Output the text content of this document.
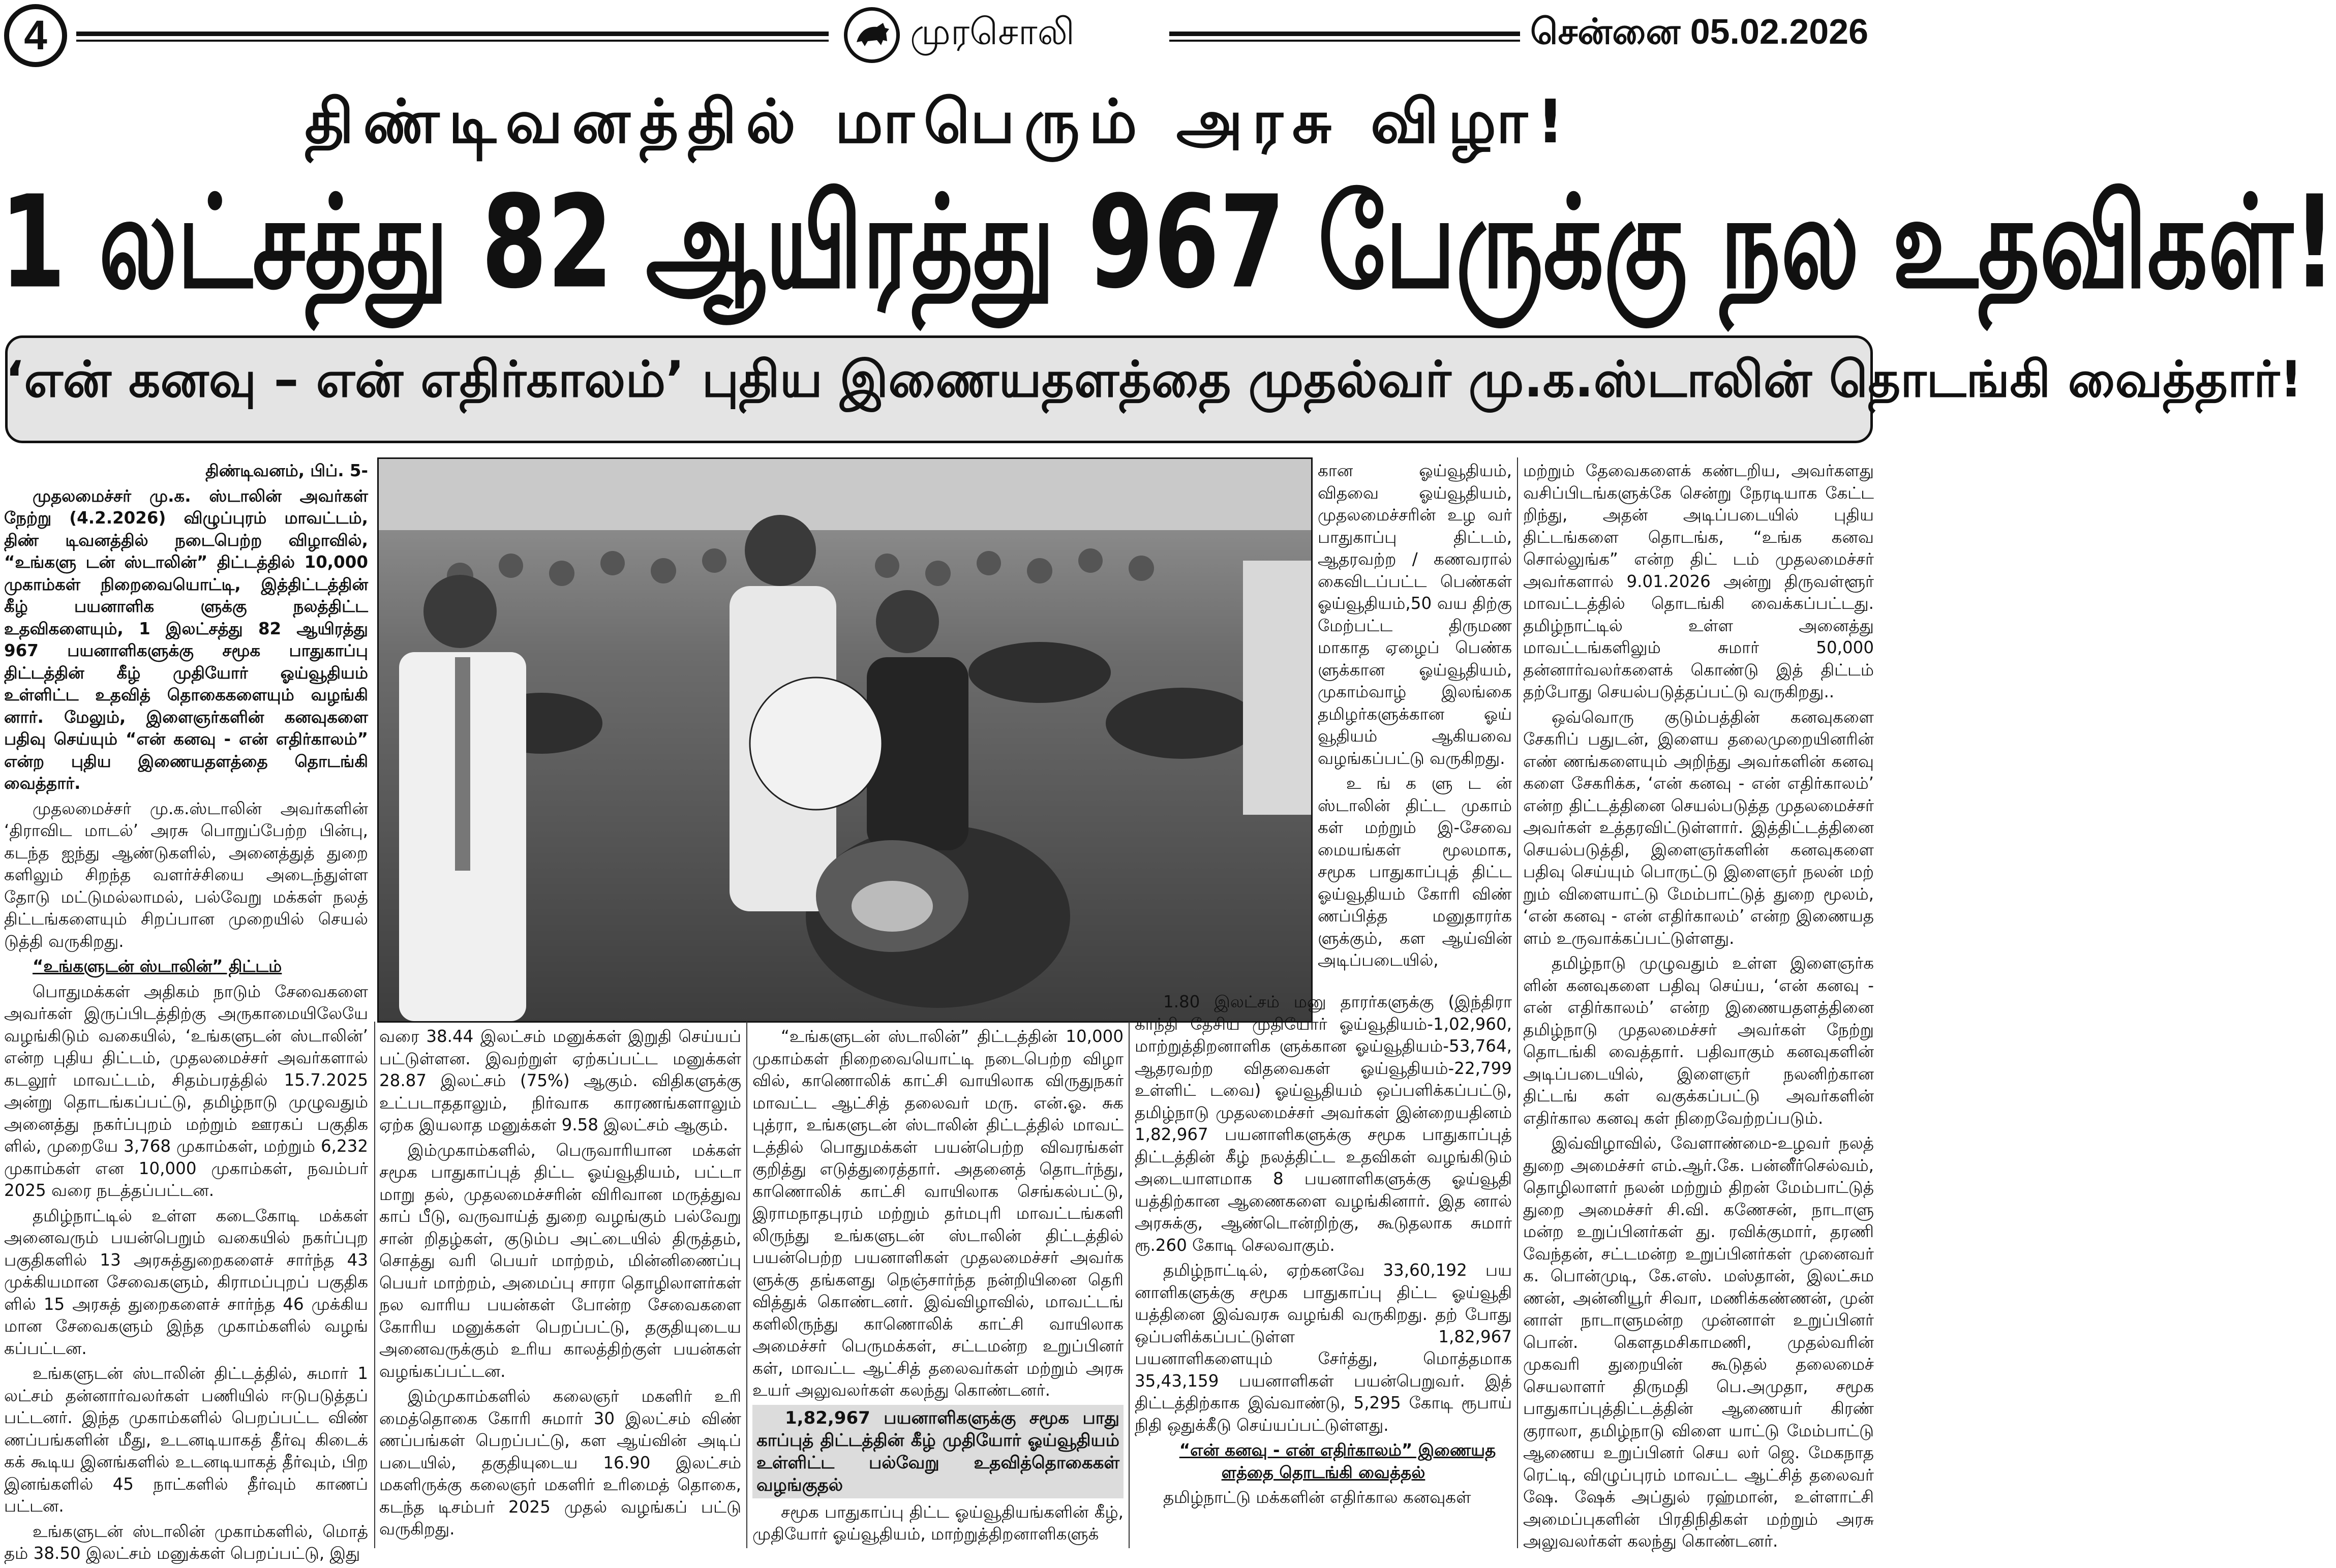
4	முரசொலி	சென்னை 05.02.2026
திண்டிவனத்தில் மாபெரும் அரசு விழா!
1 லட்சத்து 82 ஆயிரத்து 967 பேருக்கு நல உதவிகள்!
‘என் கனவு – என் எதிர்காலம்’ புதிய இணையதளத்தை முதல்வர் மு.க.ஸ்டாலின் தொடங்கி வைத்தார்!

திண்டிவனம், பிப். 5-

முதலமைச்சர் மு.க. ஸ்டாலின் அவர்கள் நேற்று (4.2.2026) விழுப்புரம் மாவட்டம், திண் டிவனத்தில் நடைபெற்ற விழாவில், “உங்களு டன் ஸ்டாலின்” திட்டத்தில் 10,000 முகாம்கள் நிறைவையொட்டி, இத்திட்டத்தின் கீழ் பயனாளிக ளுக்கு நலத்திட்ட உதவிகளையும், 1 இலட்சத்து 82 ஆயிரத்து 967 பயனாளிகளுக்கு சமூக பாதுகாப்பு திட்டத்தின் கீழ் முதியோர் ஓய்வூதியம் உள்ளிட்ட உதவித் தொகைகளையும் வழங்கி னார். மேலும், இளைஞர்களின் கனவுகளை பதிவு செய்யும் “என் கனவு - என் எதிர்காலம்” என்ற புதிய இணையதளத்தை தொடங்கி வைத்தார்.

முதலமைச்சர் மு.க.ஸ்டாலின் அவர்களின் ‘திராவிட மாடல்’ அரசு பொறுப்பேற்ற பின்பு, கடந்த ஐந்து ஆண்டுகளில், அனைத்துத் துறை களிலும் சிறந்த வளர்ச்சியை அடைந்துள்ள தோடு மட்டுமல்லாமல், பல்வேறு மக்கள் நலத் திட்டங்களையும் சிறப்பான முறையில் செயல் டுத்தி வருகிறது.

“உங்களுடன் ஸ்டாலின்” திட்டம்

பொதுமக்கள் அதிகம் நாடும் சேவைகளை அவர்கள் இருப்பிடத்திற்கு அருகாமையிலேயே வழங்கிடும் வகையில், ‘உங்களுடன் ஸ்டாலின்’ என்ற புதிய திட்டம், முதலமைச்சர் அவர்களால் கடலூர் மாவட்டம், சிதம்பரத்தில் 15.7.2025 அன்று தொடங்கப்பட்டு, தமிழ்நாடு முழுவதும் அனைத்து நகர்ப்புறம் மற்றும் ஊரகப் பகுதிக ளில், முறையே 3,768 முகாம்கள், மற்றும் 6,232 முகாம்கள் என 10,000 முகாம்கள், நவம்பர் 2025 வரை நடத்தப்பட்டன.

தமிழ்நாட்டில் உள்ள கடைகோடி மக்கள் அனைவரும் பயன்பெறும் வகையில் நகர்ப்புற பகுதிகளில் 13 அரசுத்துறைகளைச் சார்ந்த 43 முக்கியமான சேவைகளும், கிராமப்புறப் பகுதிக ளில் 15 அரசுத் துறைகளைச் சார்ந்த 46 முக்கிய மான சேவைகளும் இந்த முகாம்களில் வழங் கப்பட்டன.

உங்களுடன் ஸ்டாலின் திட்டத்தில், சுமார் 1 லட்சம் தன்னார்வலர்கள் பணியில் ஈடுபடுத்தப் பட்டனர். இந்த முகாம்களில் பெறப்பட்ட விண் ணப்பங்களின் மீது, உடனடியாகத் தீர்வு கிடைக் கக் கூடிய இனங்களில் உடனடியாகத் தீர்வும், பிற இனங்களில் 45 நாட்களில் தீர்வும் காணப் பட்டன.

உங்களுடன் ஸ்டாலின் முகாம்களில், மொத் தம் 38.50 இலட்சம் மனுக்கள் பெறப்பட்டு, இது

வரை 38.44 இலட்சம் மனுக்கள் இறுதி செய்யப் பட்டுள்ளன. இவற்றுள் ஏற்கப்பட்ட மனுக்கள் 28.87 இலட்சம் (75%) ஆகும். விதிகளுக்கு உட்படாததாலும், நிர்வாக காரணங்களாலும் ஏற்க இயலாத மனுக்கள் 9.58 இலட்சம் ஆகும்.

இம்முகாம்களில், பெருவாரியான மக்கள் சமூக பாதுகாப்புத் திட்ட ஓய்வூதியம், பட்டா மாறு தல், முதலமைச்சரின் விரிவான மருத்துவ காப் பீடு, வருவாய்த் துறை வழங்கும் பல்வேறு சான் றிதழ்கள், குடும்ப அட்டையில் திருத்தம், சொத்து வரி பெயர் மாற்றம், மின்னிணைப்பு பெயர் மாற்றம், அமைப்பு சாரா தொழிலாளர்கள் நல வாரிய பயன்கள் போன்ற சேவைகளை கோரிய மனுக்கள் பெறப்பட்டு, தகுதியுடைய அனைவருக்கும் உரிய காலத்திற்குள் பயன்கள் வழங்கப்பட்டன.

இம்முகாம்களில் கலைஞர் மகளிர் உரி மைத்தொகை கோரி சுமார் 30 இலட்சம் விண் ணப்பங்கள் பெறப்பட்டு, கள ஆய்வின் அடிப் படையில், தகுதியுடைய 16.90 இலட்சம் மகளிருக்கு கலைஞர் மகளிர் உரிமைத் தொகை, கடந்த டிசம்பர் 2025 முதல் வழங்கப் பட்டு வருகிறது.

“உங்களுடன் ஸ்டாலின்” திட்டத்தின் 10,000 முகாம்கள் நிறைவையொட்டி நடைபெற்ற விழா வில், காணொலிக் காட்சி வாயிலாக விருதுநகர் மாவட்ட ஆட்சித் தலைவர் மரு. என்.ஓ. சுக புத்ரா, உங்களுடன் ஸ்டாலின் திட்டத்தில் மாவட் டத்தில் பொதுமக்கள் பயன்பெற்ற விவரங்கள் குறித்து எடுத்துரைத்தார். அதனைத் தொடர்ந்து, காணொலிக் காட்சி வாயிலாக செங்கல்பட்டு, இராமநாதபுரம் மற்றும் தர்மபுரி மாவட்டங்களி லிருந்து உங்களுடன் ஸ்டாலின் திட்டத்தில் பயன்பெற்ற பயனாளிகள் முதலமைச்சர் அவர்க ளுக்கு தங்களது நெஞ்சார்ந்த நன்றியினை தெரி வித்துக் கொண்டனர். இவ்விழாவில், மாவட்டங் களிலிருந்து காணொலிக் காட்சி வாயிலாக அமைச்சர் பெருமக்கள், சட்டமன்ற உறுப்பினர் கள், மாவட்ட ஆட்சித் தலைவர்கள் மற்றும் அரசு உயர் அலுவலர்கள் கலந்து கொண்டனர்.

1,82,967 பயனாளிகளுக்கு சமூக பாது காப்புத் திட்டத்தின் கீழ் முதியோர் ஓய்வூதியம் உள்ளிட்ட பல்வேறு உதவித்தொகைகள் வழங்குதல்

சமூக பாதுகாப்பு திட்ட ஓய்வூதியங்களின் கீழ், முதியோர் ஓய்வூதியம், மாற்றுத்திறனாளிகளுக்

கான ஓய்வூதியம், விதவை ஓய்வூதியம், முதலமைச்சரின் உழ வர் பாதுகாப்பு திட்டம், ஆதரவற்ற / கணவரால் கைவிடப்பட்ட பெண்கள் ஓய்வூதியம்,50 வய திற்கு மேற்பட்ட திருமண மாகாத ஏழைப் பெண்க ளுக்கான ஓய்வூதியம், முகாம்வாழ் இலங்கை தமிழர்களுக்கான ஓய் வூதியம் ஆகியவை வழங்கப்பட்டு வருகிறது.

உ ங் க ளு ட ன் ஸ்டாலின் திட்ட முகாம் கள் மற்றும் இ-சேவை மையங்கள் மூலமாக, சமூக பாதுகாப்புத் திட்ட ஓய்வூதியம் கோரி விண் ணப்பித்த மனுதாரர்க ளுக்கும், கள ஆய்வின் அடிப்படையில்,

1.80 இலட்சம் மனு தாரர்களுக்கு (இந்திரா காந்தி தேசிய முதியோர் ஓய்வூதியம்-1,02,960, மாற்றுத்திறனாளிக ளுக்கான ஓய்வூதியம்-53,764, ஆதரவற்ற விதவைகள் ஓய்வூதியம்-22,799 உள்ளிட் டவை) ஓய்வூதியம் ஒப்பளிக்கப்பட்டு, தமிழ்நாடு முதலமைச்சர் அவர்கள் இன்றையதினம் 1,82,967 பயனாளிகளுக்கு சமூக பாதுகாப்புத் திட்டத்தின் கீழ் நலத்திட்ட உதவிகள் வழங்கிடும் அடையாளமாக 8 பயனாளிகளுக்கு ஓய்வூதி யத்திற்கான ஆணைகளை வழங்கினார். இத னால் அரசுக்கு, ஆண்டொன்றிற்கு, கூடுதலாக சுமார் ரூ.260 கோடி செலவாகும்.

தமிழ்நாட்டில், ஏற்கனவே 33,60,192 பய னாளிகளுக்கு சமூக பாதுகாப்பு திட்ட ஓய்வூதி யத்தினை இவ்வரசு வழங்கி வருகிறது. தற் போது ஒப்பளிக்கப்பட்டுள்ள 1,82,967 பயனாளிகளையும் சேர்த்து, மொத்தமாக 35,43,159 பயனாளிகள் பயன்பெறுவர். இத் திட்டத்திற்காக இவ்வாண்டு, 5,295 கோடி ரூபாய் நிதி ஒதுக்கீடு செய்யப்பட்டுள்ளது.

“என் கனவு - என் எதிர்காலம்” இணையத ளத்தை தொடங்கி வைத்தல்

தமிழ்நாட்டு மக்களின் எதிர்கால கனவுகள்

மற்றும் தேவைகளைக் கண்டறிய, அவர்களது வசிப்பிடங்களுக்கே சென்று நேரடியாக கேட்ட றிந்து, அதன் அடிப்படையில் புதிய திட்டங்களை தொடங்க, “உங்க கனவ சொல்லுங்க” என்ற திட் டம் முதலமைச்சர் அவர்களால் 9.01.2026 அன்று திருவள்ளூர் மாவட்டத்தில் தொடங்கி வைக்கப்பட்டது. தமிழ்நாட்டில் உள்ள அனைத்து மாவட்டங்களிலும் சுமார் 50,000 தன்னார்வலர்களைக் கொண்டு இத் திட்டம் தற்போது செயல்படுத்தப்பட்டு வருகிறது..

ஒவ்வொரு குடும்பத்தின் கனவுகளை சேகரிப் பதுடன், இளைய தலைமுறையினரின் எண் ணங்களையும் அறிந்து அவர்களின் கனவு களை சேகரிக்க, ‘என் கனவு - என் எதிர்காலம்’ என்ற திட்டத்தினை செயல்படுத்த முதலமைச்சர் அவர்கள் உத்தரவிட்டுள்ளார். இத்திட்டத்தினை செயல்படுத்தி, இளைஞர்களின் கனவுகளை பதிவு செய்யும் பொருட்டு இளைஞர் நலன் மற் றும் விளையாட்டு மேம்பாட்டுத் துறை மூலம், ‘என் கனவு - என் எதிர்காலம்’ என்ற இணையத ளம் உருவாக்கப்பட்டுள்ளது.

தமிழ்நாடு முழுவதும் உள்ள இளைஞர்க ளின் கனவுகளை பதிவு செய்ய, ‘என் கனவு - என் எதிர்காலம்’ என்ற இணையதளத்தினை தமிழ்நாடு முதலமைச்சர் அவர்கள் நேற்று தொடங்கி வைத்தார். பதிவாகும் கனவுகளின் அடிப்படையில், இளைஞர் நலனிற்கான திட்டங் கள் வகுக்கப்பட்டு அவர்களின் எதிர்கால கனவு கள் நிறைவேற்றப்படும்.

இவ்விழாவில், வேளாண்மை-உழவர் நலத் துறை அமைச்சர் எம்.ஆர்.கே. பன்னீர்செல்வம், தொழிலாளர் நலன் மற்றும் திறன் மேம்பாட்டுத் துறை அமைச்சர் சி.வி. கணேசன், நாடாளு மன்ற உறுப்பினர்கள் து. ரவிக்குமார், தரணி வேந்தன், சட்டமன்ற உறுப்பினர்கள் முனைவர் க. பொன்முடி, கே.எஸ். மஸ்தான், இலட்சும ணன், அன்னியூர் சிவா, மணிக்கண்ணன், முன் னாள் நாடாளுமன்ற முன்னாள் உறுப்பினர் பொன். கௌதமசிகாமணி, முதல்வரின் முகவரி துறையின் கூடுதல் தலைமைச் செயலாளர் திருமதி பெ.அமுதா, சமூக பாதுகாப்புத்திட்டத்தின் ஆணையர் கிரண் குராலா, தமிழ்நாடு விளை யாட்டு மேம்பாட்டு ஆணைய உறுப்பினர் செய லர் ஜெ. மேகநாத ரெட்டி, விழுப்புரம் மாவட்ட ஆட்சித் தலைவர் ஷே. ஷேக் அப்துல் ரஹ்மான், உள்ளாட்சி அமைப்புகளின் பிரதிநிதிகள் மற்றும் அரசு அலுவலர்கள் கலந்து கொண்டனர்.
